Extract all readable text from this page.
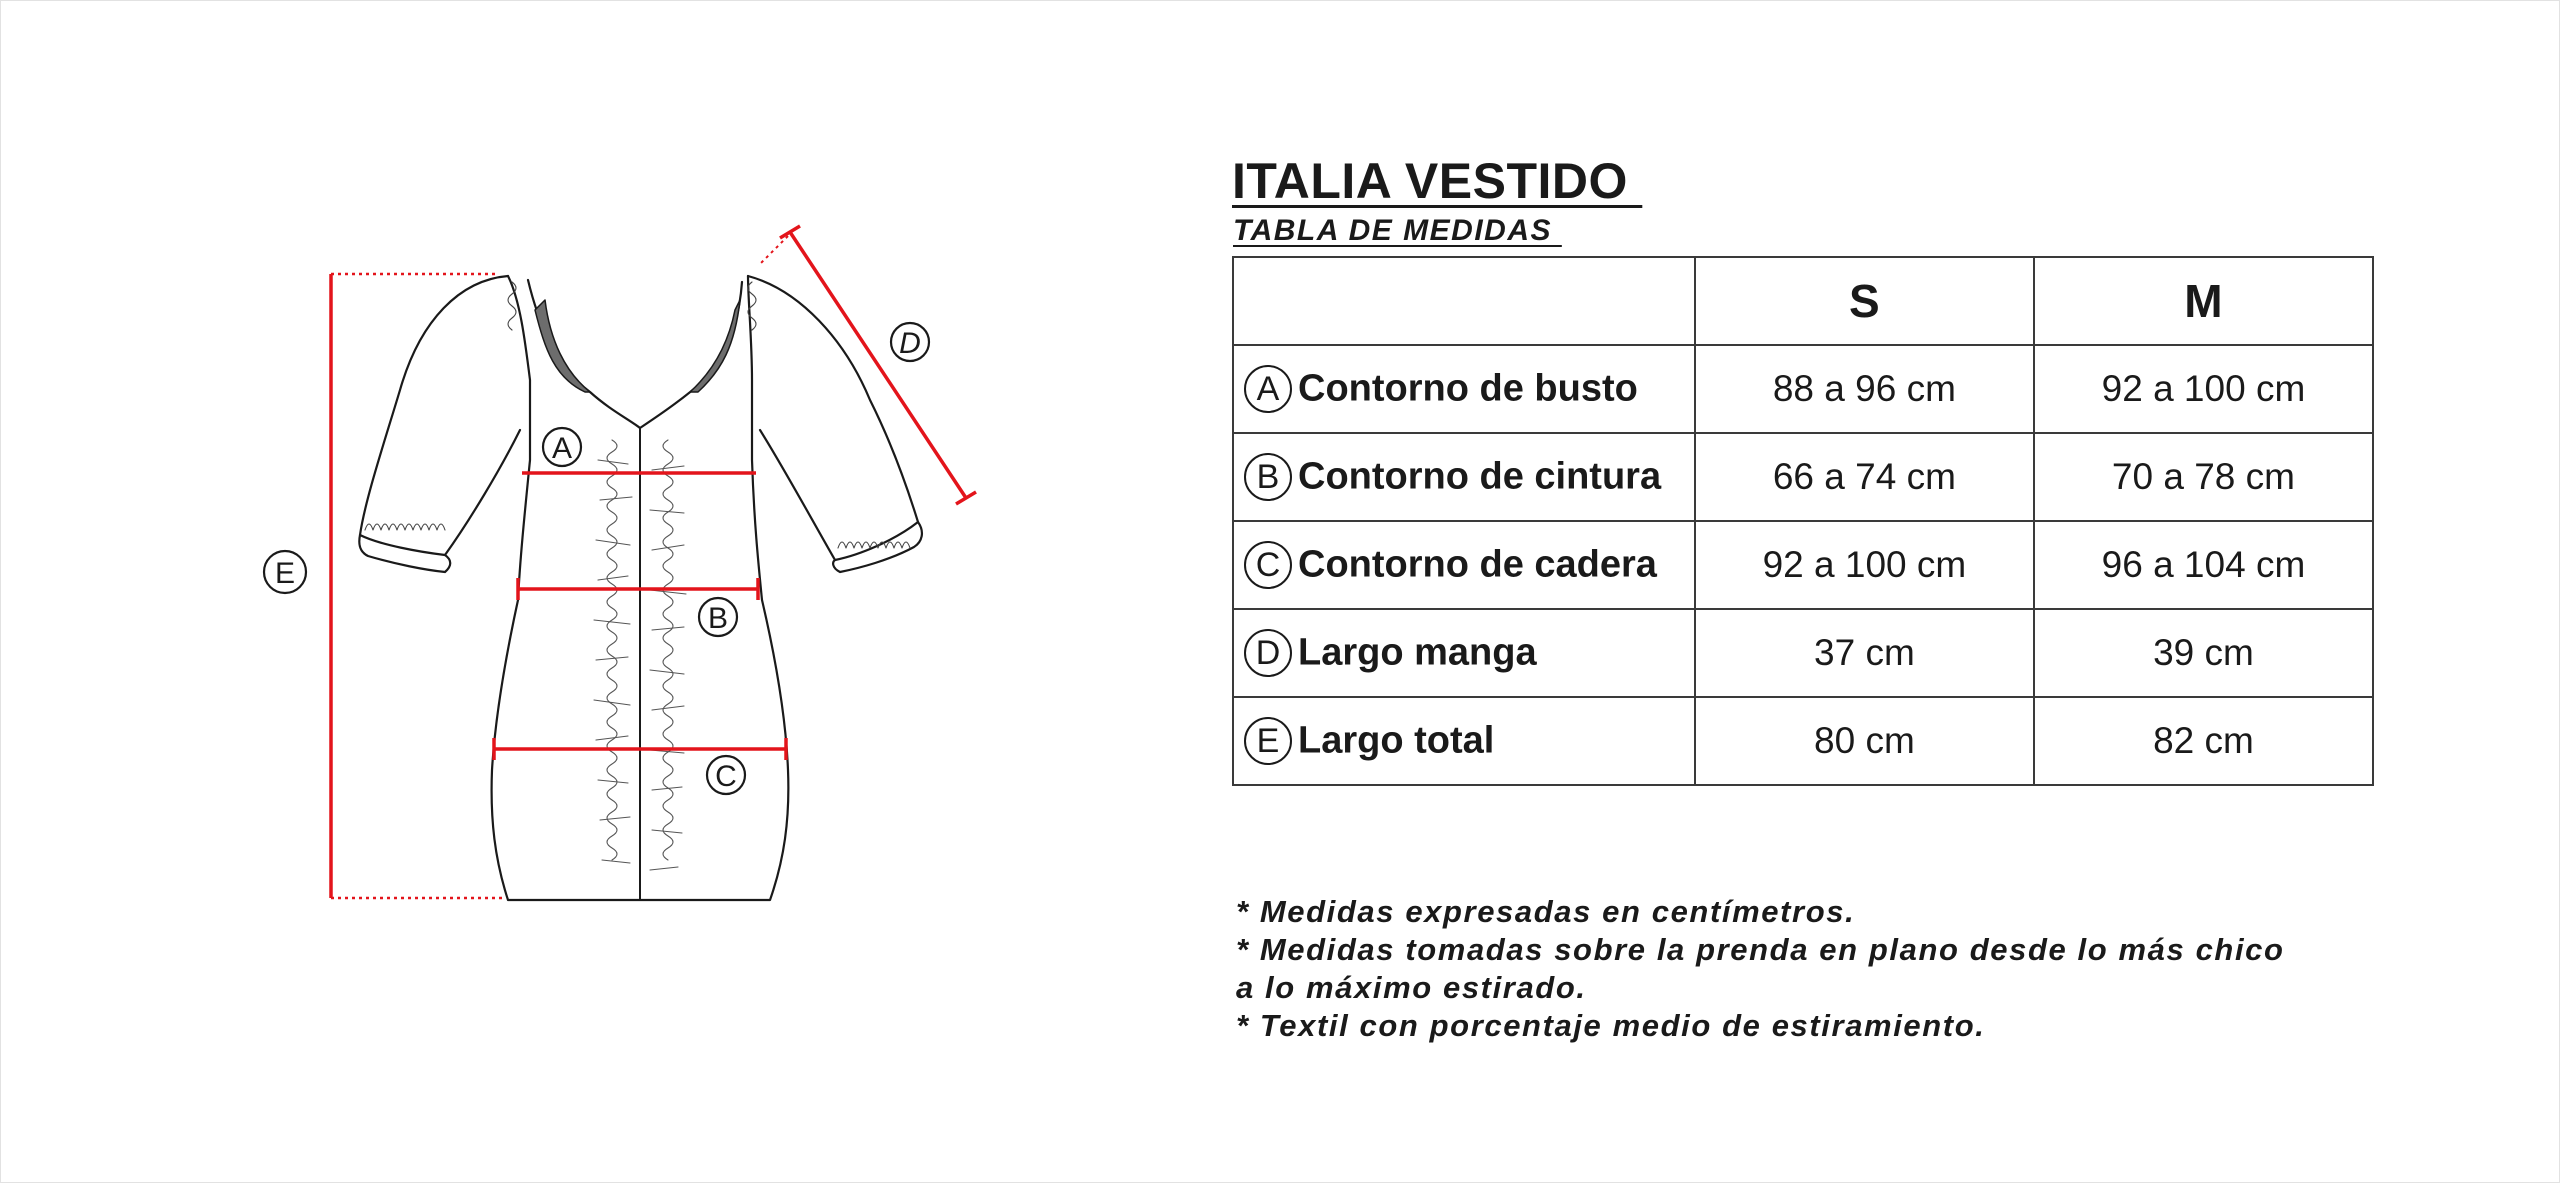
A
B
C
D
E
ITALIA VESTIDO
TABLA DE MEDIDAS
	S	M
A Contorno de busto	88 a 96 cm	92 a 100 cm
B Contorno de cintura	66 a 74 cm	70 a 78 cm
C Contorno de cadera	92 a 100 cm	96 a 104 cm
D Largo manga	37 cm	39 cm
E Largo total	80 cm	82 cm
* Medidas expresadas en centímetros.
* Medidas tomadas sobre la prenda en plano desde lo más chico
a lo máximo estirado.
* Textil con porcentaje medio de estiramiento.
